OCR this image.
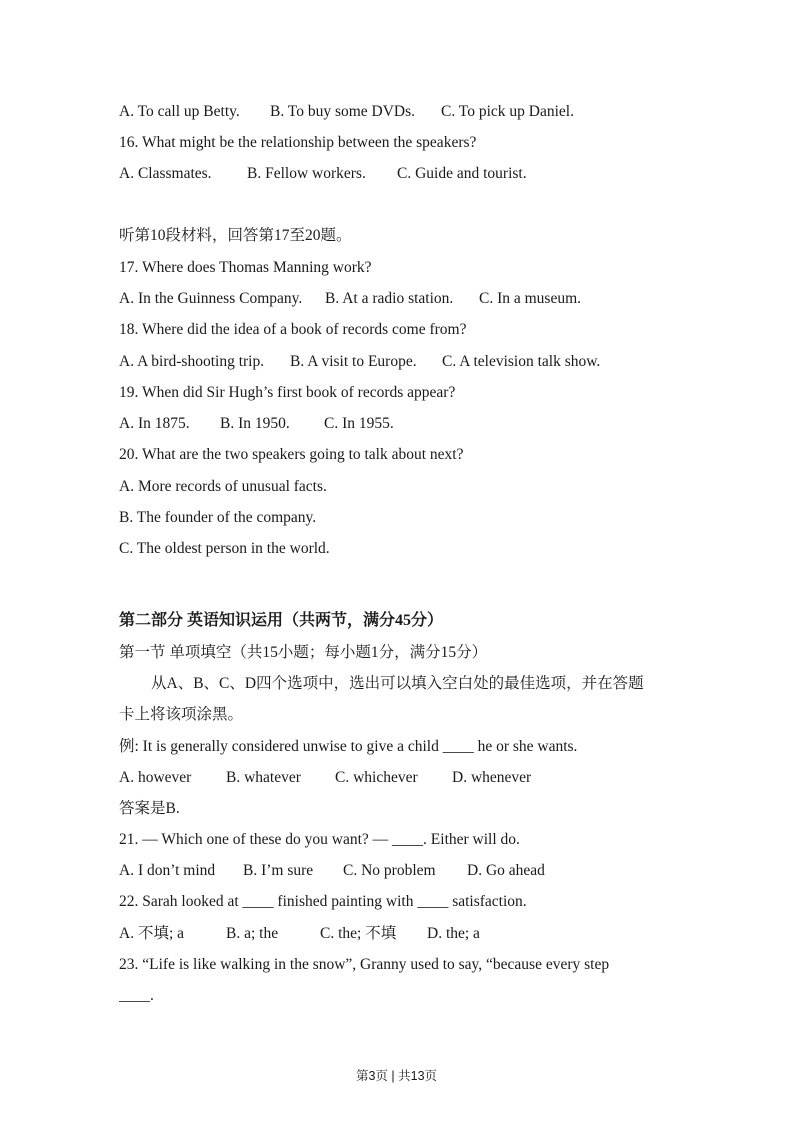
A. To call up Betty. B. To buy some DVDs. C. To pick up Daniel.
16. What might be the relationship between the speakers?
A. Classmates. B. Fellow workers. C. Guide and tourist.
听第10段材料，回答第17至20题。
17. Where does Thomas Manning work?
A. In the Guinness Company. B. At a radio station. C. In a museum.
18. Where did the idea of a book of records come from?
A. A bird-shooting trip. B. A visit to Europe. C. A television talk show.
19. When did Sir Hugh’s first book of records appear?
A. In 1875. B. In 1950. C. In 1955.
20. What are the two speakers going to talk about next?
A. More records of unusual facts.
B. The founder of the company.
C. The oldest person in the world.
第二部分 英语知识运用（共两节，满分45分）
第一节 单项填空（共15小题；每小题1分，满分15分）
从A、B、C、D四个选项中，选出可以填入空白处的最佳选项，并在答题
卡上将该项涂黑。
例: It is generally considered unwise to give a child ____ he or she wants.
A. however B. whatever C. whichever D. whenever
答案是B.
21. — Which one of these do you want? — ____. Either will do.
A. I don’t mind B. I’m sure C. No problem D. Go ahead
22. Sarah looked at ____ finished painting with ____ satisfaction.
A. 不填; a	B. a; the	C. the; 不填 D. the; a
23. “Life is like walking in the snow”, Granny used to say, “because every step
____.
第3页 | 共13页
